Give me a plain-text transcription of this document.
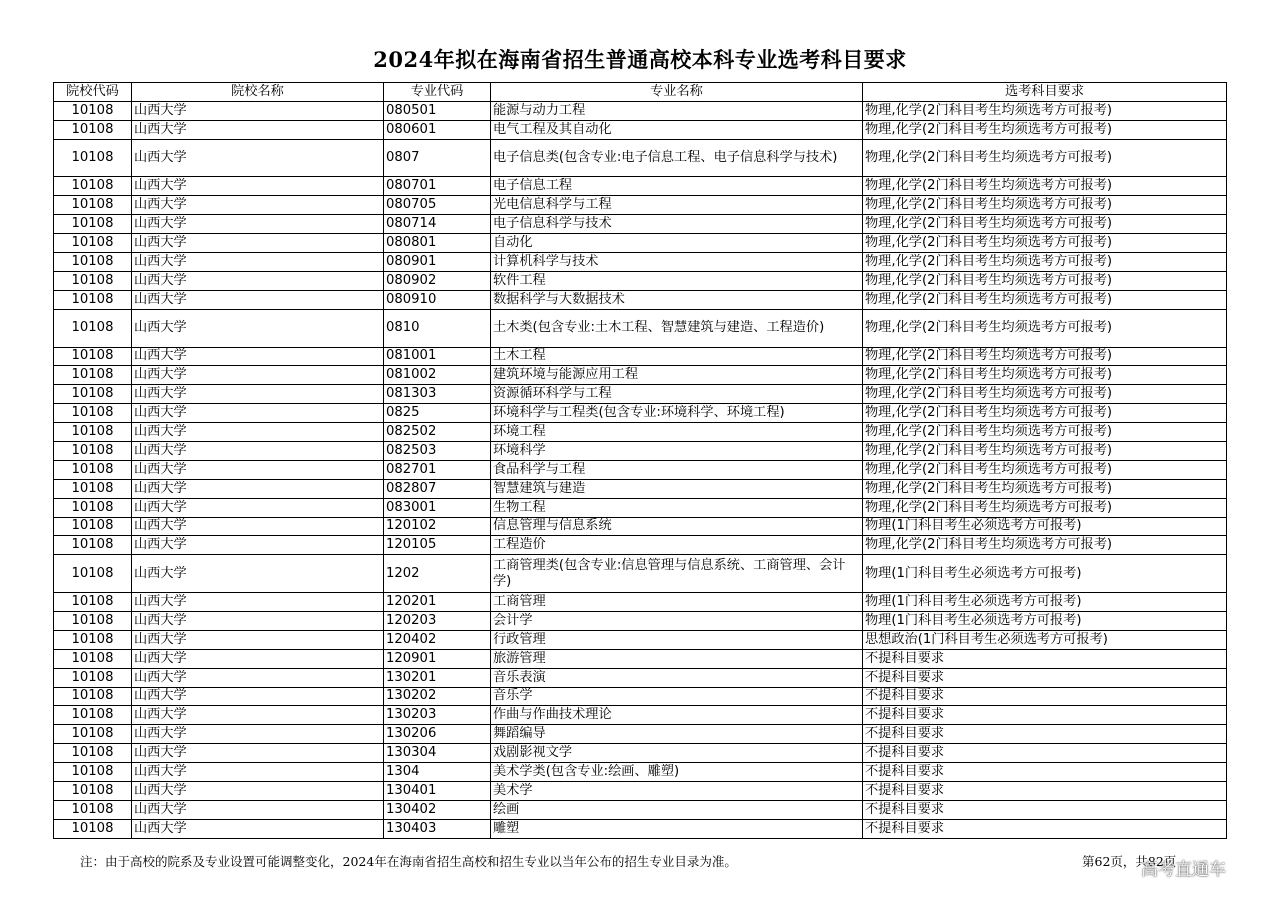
2024年拟在海南省招生普通高校本科专业选考科目要求
院校代码	院校名称	专业代码	专业名称	选考科目要求
10108	山西大学	080501	能源与动力工程	物理,化学(2门科目考生均须选考方可报考)
10108	山西大学	080601	电气工程及其自动化	物理,化学(2门科目考生均须选考方可报考)
10108	山西大学	0807	电子信息类(包含专业:电子信息工程、电子信息科学与技术)	物理,化学(2门科目考生均须选考方可报考)
10108	山西大学	080701	电子信息工程	物理,化学(2门科目考生均须选考方可报考)
10108	山西大学	080705	光电信息科学与工程	物理,化学(2门科目考生均须选考方可报考)
10108	山西大学	080714	电子信息科学与技术	物理,化学(2门科目考生均须选考方可报考)
10108	山西大学	080801	自动化	物理,化学(2门科目考生均须选考方可报考)
10108	山西大学	080901	计算机科学与技术	物理,化学(2门科目考生均须选考方可报考)
10108	山西大学	080902	软件工程	物理,化学(2门科目考生均须选考方可报考)
10108	山西大学	080910	数据科学与大数据技术	物理,化学(2门科目考生均须选考方可报考)
10108	山西大学	0810	土木类(包含专业:土木工程、智慧建筑与建造、工程造价)	物理,化学(2门科目考生均须选考方可报考)
10108	山西大学	081001	土木工程	物理,化学(2门科目考生均须选考方可报考)
10108	山西大学	081002	建筑环境与能源应用工程	物理,化学(2门科目考生均须选考方可报考)
10108	山西大学	081303	资源循环科学与工程	物理,化学(2门科目考生均须选考方可报考)
10108	山西大学	0825	环境科学与工程类(包含专业:环境科学、环境工程)	物理,化学(2门科目考生均须选考方可报考)
10108	山西大学	082502	环境工程	物理,化学(2门科目考生均须选考方可报考)
10108	山西大学	082503	环境科学	物理,化学(2门科目考生均须选考方可报考)
10108	山西大学	082701	食品科学与工程	物理,化学(2门科目考生均须选考方可报考)
10108	山西大学	082807	智慧建筑与建造	物理,化学(2门科目考生均须选考方可报考)
10108	山西大学	083001	生物工程	物理,化学(2门科目考生均须选考方可报考)
10108	山西大学	120102	信息管理与信息系统	物理(1门科目考生必须选考方可报考)
10108	山西大学	120105	工程造价	物理,化学(2门科目考生均须选考方可报考)
10108	山西大学	1202	工商管理类(包含专业:信息管理与信息系统、工商管理、会计学)	物理(1门科目考生必须选考方可报考)
10108	山西大学	120201	工商管理	物理(1门科目考生必须选考方可报考)
10108	山西大学	120203	会计学	物理(1门科目考生必须选考方可报考)
10108	山西大学	120402	行政管理	思想政治(1门科目考生必须选考方可报考)
10108	山西大学	120901	旅游管理	不提科目要求
10108	山西大学	130201	音乐表演	不提科目要求
10108	山西大学	130202	音乐学	不提科目要求
10108	山西大学	130203	作曲与作曲技术理论	不提科目要求
10108	山西大学	130206	舞蹈编导	不提科目要求
10108	山西大学	130304	戏剧影视文学	不提科目要求
10108	山西大学	1304	美术学类(包含专业:绘画、雕塑)	不提科目要求
10108	山西大学	130401	美术学	不提科目要求
10108	山西大学	130402	绘画	不提科目要求
10108	山西大学	130403	雕塑	不提科目要求
注：由于高校的院系及专业设置可能调整变化，2024年在海南省招生高校和招生专业以当年公布的招生专业目录为准。	第62页，共82页
高考直通车
